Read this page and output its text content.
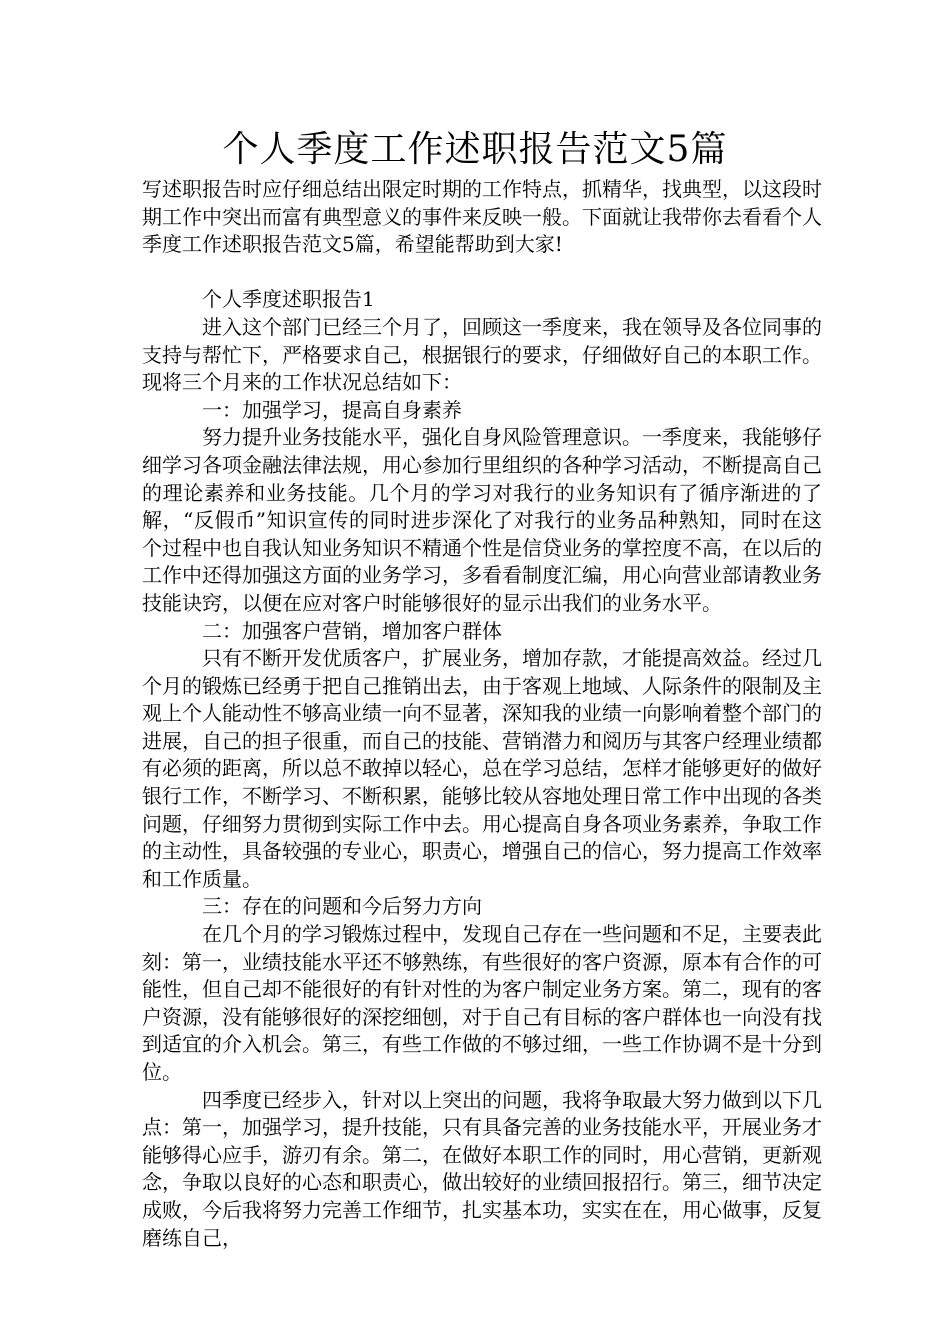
个人季度工作述职报告范文5篇

写述职报告时应仔细总结出限定时期的工作特点，抓精华，找典型，以这段时期工作中突出而富有典型意义的事件来反映一般。下面就让我带你去看看个人季度工作述职报告范文5篇，希望能帮助到大家!

个人季度述职报告1

进入这个部门已经三个月了，回顾这一季度来，我在领导及各位同事的支持与帮忙下，严格要求自己，根据银行的要求，仔细做好自己的本职工作。现将三个月来的工作状况总结如下：

一：加强学习，提高自身素养

努力提升业务技能水平，强化自身风险管理意识。一季度来，我能够仔细学习各项金融法律法规，用心参加行里组织的各种学习活动，不断提高自己的理论素养和业务技能。几个月的学习对我行的业务知识有了循序渐进的了解，“反假币”知识宣传的同时进步深化了对我行的业务品种熟知，同时在这个过程中也自我认知业务知识不精通个性是信贷业务的掌控度不高，在以后的工作中还得加强这方面的业务学习，多看看制度汇编，用心向营业部请教业务技能诀窍，以便在应对客户时能够很好的显示出我们的业务水平。

二：加强客户营销，增加客户群体

只有不断开发优质客户，扩展业务，增加存款，才能提高效益。经过几个月的锻炼已经勇于把自己推销出去，由于客观上地域、人际条件的限制及主观上个人能动性不够高业绩一向不显著，深知我的业绩一向影响着整个部门的进展，自己的担子很重，而自己的技能、营销潜力和阅历与其客户经理业绩都有必须的距离，所以总不敢掉以轻心，总在学习总结，怎样才能够更好的做好银行工作，不断学习、不断积累，能够比较从容地处理日常工作中出现的各类问题，仔细努力贯彻到实际工作中去。用心提高自身各项业务素养，争取工作的主动性，具备较强的专业心，职责心，增强自己的信心，努力提高工作效率和工作质量。

三：存在的问题和今后努力方向

在几个月的学习锻炼过程中，发现自己存在一些问题和不足，主要表此刻：第一，业绩技能水平还不够熟练，有些很好的客户资源，原本有合作的可能性，但自己却不能很好的有针对性的为客户制定业务方案。第二，现有的客户资源，没有能够很好的深挖细刨，对于自己有目标的客户群体也一向没有找到适宜的介入机会。第三，有些工作做的不够过细，一些工作协调不是十分到位。

四季度已经步入，针对以上突出的问题，我将争取最大努力做到以下几点：第一，加强学习，提升技能，只有具备完善的业务技能水平，开展业务才能够得心应手，游刃有余。第二，在做好本职工作的同时，用心营销，更新观念，争取以良好的心态和职责心，做出较好的业绩回报招行。第三，细节决定成败，今后我将努力完善工作细节，扎实基本功，实实在在，用心做事，反复磨练自己，
